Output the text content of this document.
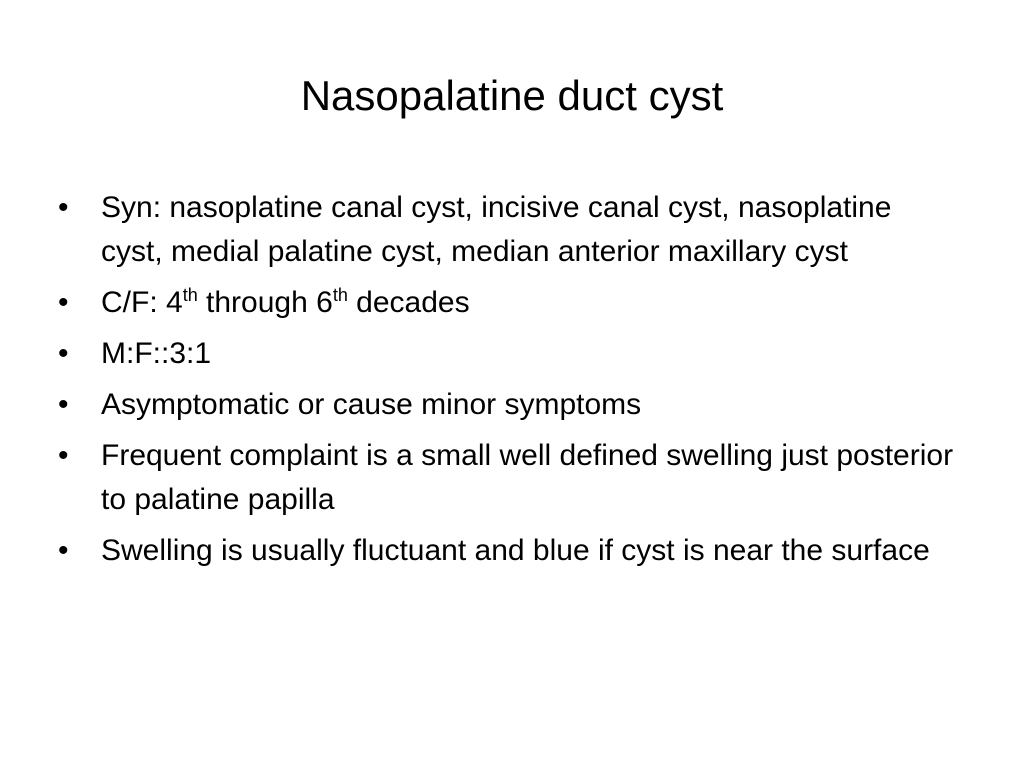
Nasopalatine duct cyst
• Syn: nasoplatine canal cyst, incisive canal cyst, nasoplatine cyst, medial palatine cyst, median anterior maxillary cyst
• C/F: 4th through 6th decades
• M:F::3:1
• Asymptomatic or cause minor symptoms
• Frequent complaint is a small well defined swelling just posterior to palatine papilla
• Swelling is usually fluctuant and blue if cyst is near the surface
